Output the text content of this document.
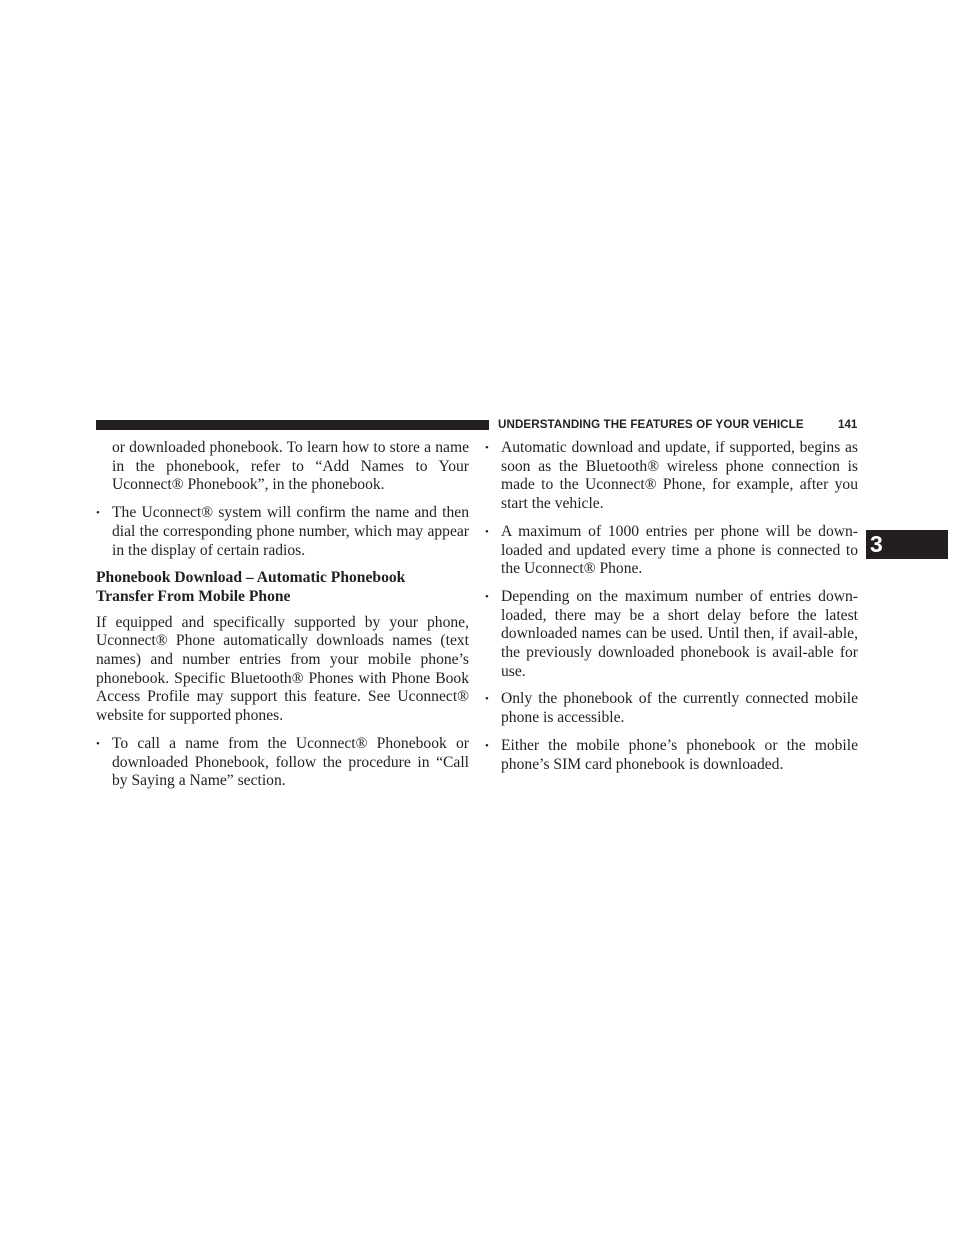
UNDERSTANDING THE FEATURES OF YOUR VEHICLE	141
3

or downloaded phonebook. To learn how to store a name in the phonebook, refer to “Add Names to Your Uconnect® Phonebook”, in the phonebook.

• The Uconnect® system will confirm the name and then dial the corresponding phone number, which may appear in the display of certain radios.

Phonebook Download – Automatic Phonebook Transfer From Mobile Phone

If equipped and specifically supported by your phone, Uconnect® Phone automatically downloads names (text names) and number entries from your mobile phone’s phonebook. Specific Bluetooth® Phones with Phone Book Access Profile may support this feature. See Uconnect® website for supported phones.

• To call a name from the Uconnect® Phonebook or downloaded Phonebook, follow the procedure in “Call by Saying a Name” section.
• Automatic download and update, if supported, begins as soon as the Bluetooth® wireless phone connection is made to the Uconnect® Phone, for example, after you start the vehicle.
• A maximum of 1000 entries per phone will be down-loaded and updated every time a phone is connected to the Uconnect® Phone.
• Depending on the maximum number of entries down-loaded, there may be a short delay before the latest downloaded names can be used. Until then, if avail-able, the previously downloaded phonebook is avail-able for use.
• Only the phonebook of the currently connected mobile phone is accessible.
• Either the mobile phone’s phonebook or the mobile phone’s SIM card phonebook is downloaded.
